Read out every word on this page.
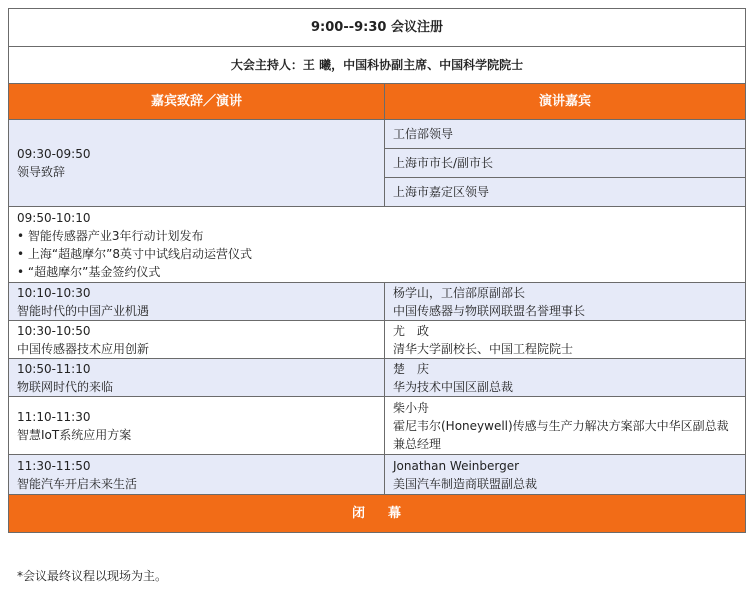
9:00--9:30 会议注册	
大会主持人：王 曦，中国科协副主席、中国科学院院士	
嘉宾致辞／演讲	演讲嘉宾

09:30-09:50
领导致辞	工信部领导
	上海市市长/副市长
	上海市嘉定区领导

09:50-10:10
• 智能传感器产业3年行动计划发布
• 上海“超越摩尔”8英寸中试线启动运营仪式
• “超越摩尔”基金签约仪式

10:10-10:30
智能时代的中国产业机遇	杨学山，工信部原副部长
中国传感器与物联网联盟名誉理事长

10:30-10:50
中国传感器技术应用创新	尤　政
清华大学副校长、中国工程院院士

10:50-11:10
物联网时代的来临	楚　庆
华为技术中国区副总裁

11:10-11:30
智慧IoT系统应用方案	柴小舟
霍尼韦尔(Honeywell)传感与生产力解决方案部大中华区副总裁兼总经理

11:30-11:50
智能汽车开启未来生活	Jonathan Weinberger
美国汽车制造商联盟副总裁

闭 幕	
*会议最终议程以现场为主。
